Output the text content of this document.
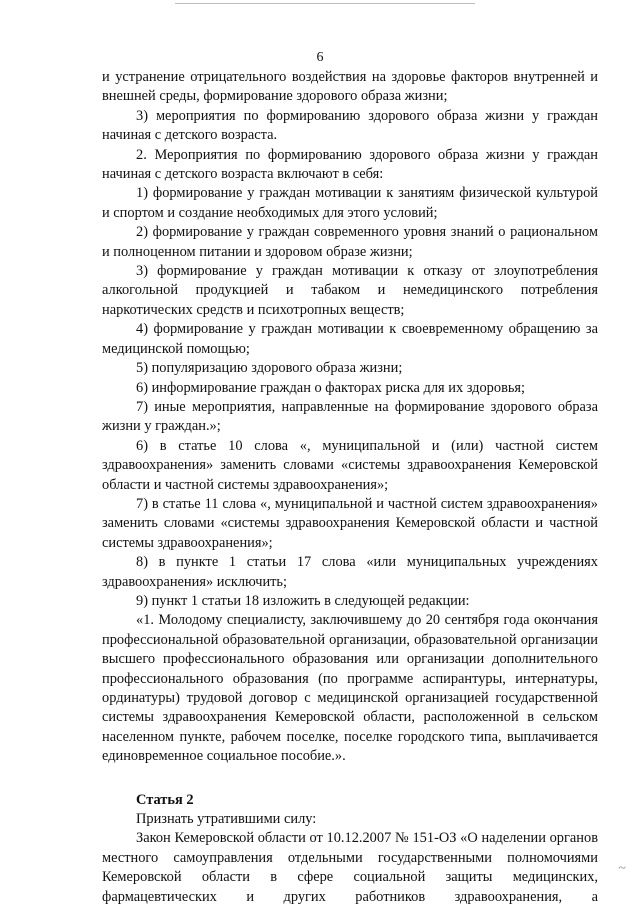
6

и устранение отрицательного воздействия на здоровье факторов внутренней и внешней среды, формирование здорового образа жизни;

3) мероприятия по формированию здорового образа жизни у граждан начиная с детского возраста.

2. Мероприятия по формированию здорового образа жизни у граждан начиная с детского возраста включают в себя:

1) формирование у граждан мотивации к занятиям физической культурой и спортом и создание необходимых для этого условий;

2) формирование у граждан современного уровня знаний о рациональном и полноценном питании и здоровом образе жизни;

3) формирование у граждан мотивации к отказу от злоупотребления алкогольной продукцией и табаком и немедицинского потребления наркотических средств и психотропных веществ;

4) формирование у граждан мотивации к своевременному обращению за медицинской помощью;

5) популяризацию здорового образа жизни;

6) информирование граждан о факторах риска для их здоровья;

7) иные мероприятия, направленные на формирование здорового образа жизни у граждан.»;

6) в статье 10 слова «, муниципальной и (или) частной систем здравоохранения» заменить словами «системы здравоохранения Кемеровской области и частной системы здравоохранения»;

7) в статье 11 слова «, муниципальной и частной систем здравоохранения» заменить словами «системы здравоохранения Кемеровской области и частной системы здравоохранения»;

8) в пункте 1 статьи 17 слова «или муниципальных учреждениях здравоохранения» исключить;

9) пункт 1 статьи 18 изложить в следующей редакции:

«1. Молодому специалисту, заключившему до 20 сентября года окончания профессиональной образовательной организации, образовательной организации высшего профессионального образования или организации дополнительного профессионального образования (по программе аспирантуры, интернатуры, ординатуры) трудовой договор с медицинской организацией государственной системы здравоохранения Кемеровской области, расположенной в сельском населенном пункте, рабочем поселке, поселке городского типа, выплачивается единовременное социальное пособие.».

Статья 2

Признать утратившими силу:

Закон Кемеровской области от 10.12.2007 № 151-ОЗ «О наделении органов местного самоуправления отдельными государственными полномочиями Кемеровской области в сфере социальной защиты медицинских, фармацевтических и других работников здравоохранения, а

~
